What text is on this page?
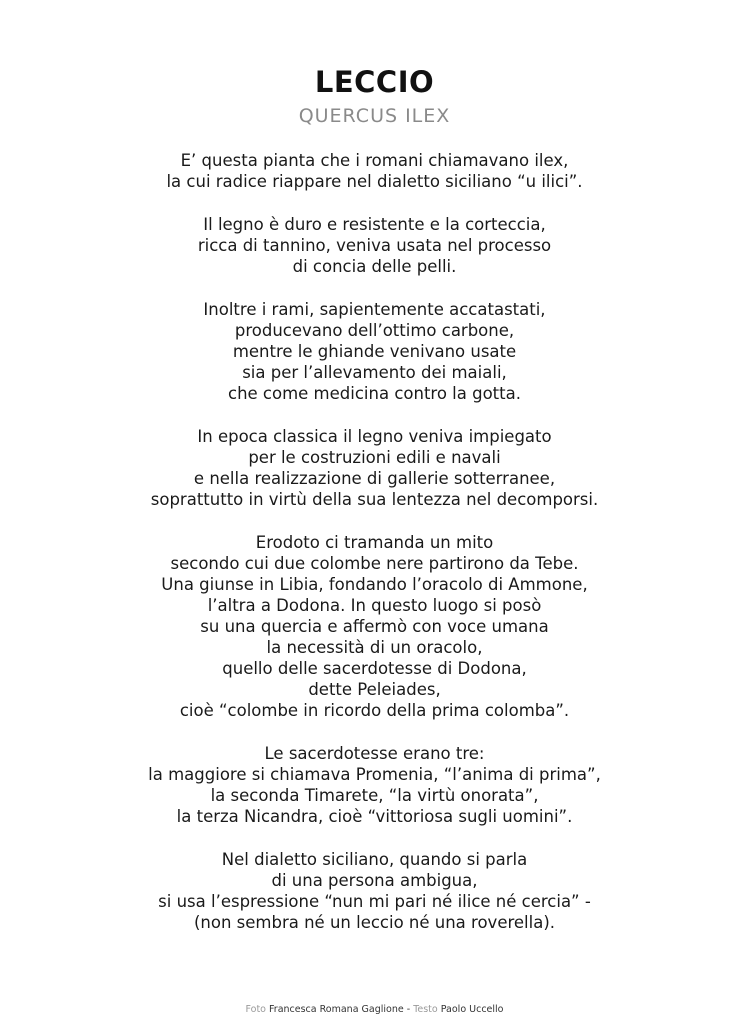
LECCIO
QUERCUS ILEX
E’ questa pianta che i romani chiamavano ilex,
la cui radice riappare nel dialetto siciliano “u ilici”.
Il legno è duro e resistente e la corteccia,
ricca di tannino, veniva usata nel processo
di concia delle pelli.
Inoltre i rami, sapientemente accatastati,
producevano dell’ottimo carbone,
mentre le ghiande venivano usate
sia per l’allevamento dei maiali,
che come medicina contro la gotta.
In epoca classica il legno veniva impiegato
per le costruzioni edili e navali
e nella realizzazione di gallerie sotterranee,
soprattutto in virtù della sua lentezza nel decomporsi.
Erodoto ci tramanda un mito
secondo cui due colombe nere partirono da Tebe.
Una giunse in Libia, fondando l’oracolo di Ammone,
l’altra a Dodona. In questo luogo si posò
su una quercia e affermò con voce umana
la necessità di un oracolo,
quello delle sacerdotesse di Dodona,
dette Peleiades,
cioè “colombe in ricordo della prima colomba”.
Le sacerdotesse erano tre:
la maggiore si chiamava Promenia, “l’anima di prima”,
la seconda Timarete, “la virtù onorata”,
la terza Nicandra, cioè “vittoriosa sugli uomini”.
Nel dialetto siciliano, quando si parla
di una persona ambigua,
si usa l’espressione “nun mi pari né ilice né cercia” -
(non sembra né un leccio né una roverella).
Foto Francesca Romana Gaglione - Testo Paolo Uccello
